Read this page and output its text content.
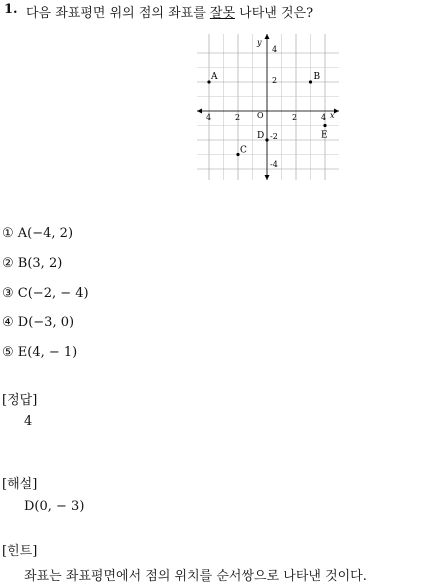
1. 다음 좌표평면 위의 점의 좌표를 잘못 나타낸 것은?
y
x
O
4	2	2	4
4
2
-2
-4
A	B
C
D	E
① A(−4, 2)
② B(3, 2)
③ C(−2, − 4)
④ D(−3, 0)
⑤ E(4, − 1)
[정답]
4
[해설]
D(0, − 3)
[힌트]
좌표는 좌표평면에서 점의 위치를 순서쌍으로 나타낸 것이다.
